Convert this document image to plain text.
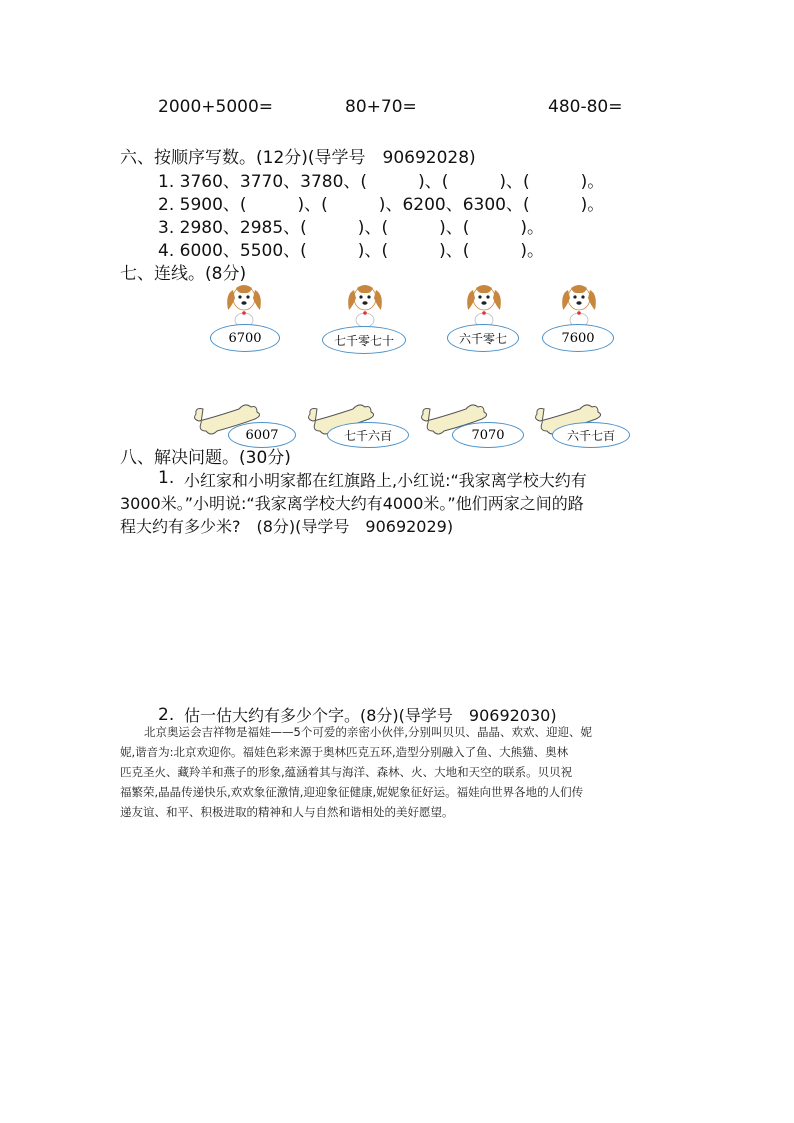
2000+5000=	80+70=	480-80=
六、按顺序写数。(12分)(导学号　90692028)
1. 3760、3770、3780、(　　　)、(　　　)、(　　　)。
2. 5900、(　　　)、(　　　)、6200、6300、(　　　)。
3. 2980、2985、(　　　)、(　　　)、(　　　)。
4. 6000、5500、(　　　)、(　　　)、(　　　)。
七、连线。(8分)
6700	七千零七十	六千零七	7600
6007	七千六百	7070	六千七百
八、解决问题。(30分)
1. 小红家和小明家都在红旗路上,小红说:“我家离学校大约有
3000米。”小明说:“我家离学校大约有4000米。”他们两家之间的路
程大约有多少米?　(8分)(导学号　90692029)
2. 估一估大约有多少个字。(8分)(导学号　90692030)
北京奥运会吉祥物是福娃——5个可爱的亲密小伙伴,分别叫贝贝、晶晶、欢欢、迎迎、妮
妮,谐音为:北京欢迎你。福娃色彩来源于奥林匹克五环,造型分别融入了鱼、大熊猫、奥林
匹克圣火、藏羚羊和燕子的形象,蕴涵着其与海洋、森林、火、大地和天空的联系。贝贝祝
福繁荣,晶晶传递快乐,欢欢象征激情,迎迎象征健康,妮妮象征好运。福娃向世界各地的人们传
递友谊、和平、积极进取的精神和人与自然和谐相处的美好愿望。
